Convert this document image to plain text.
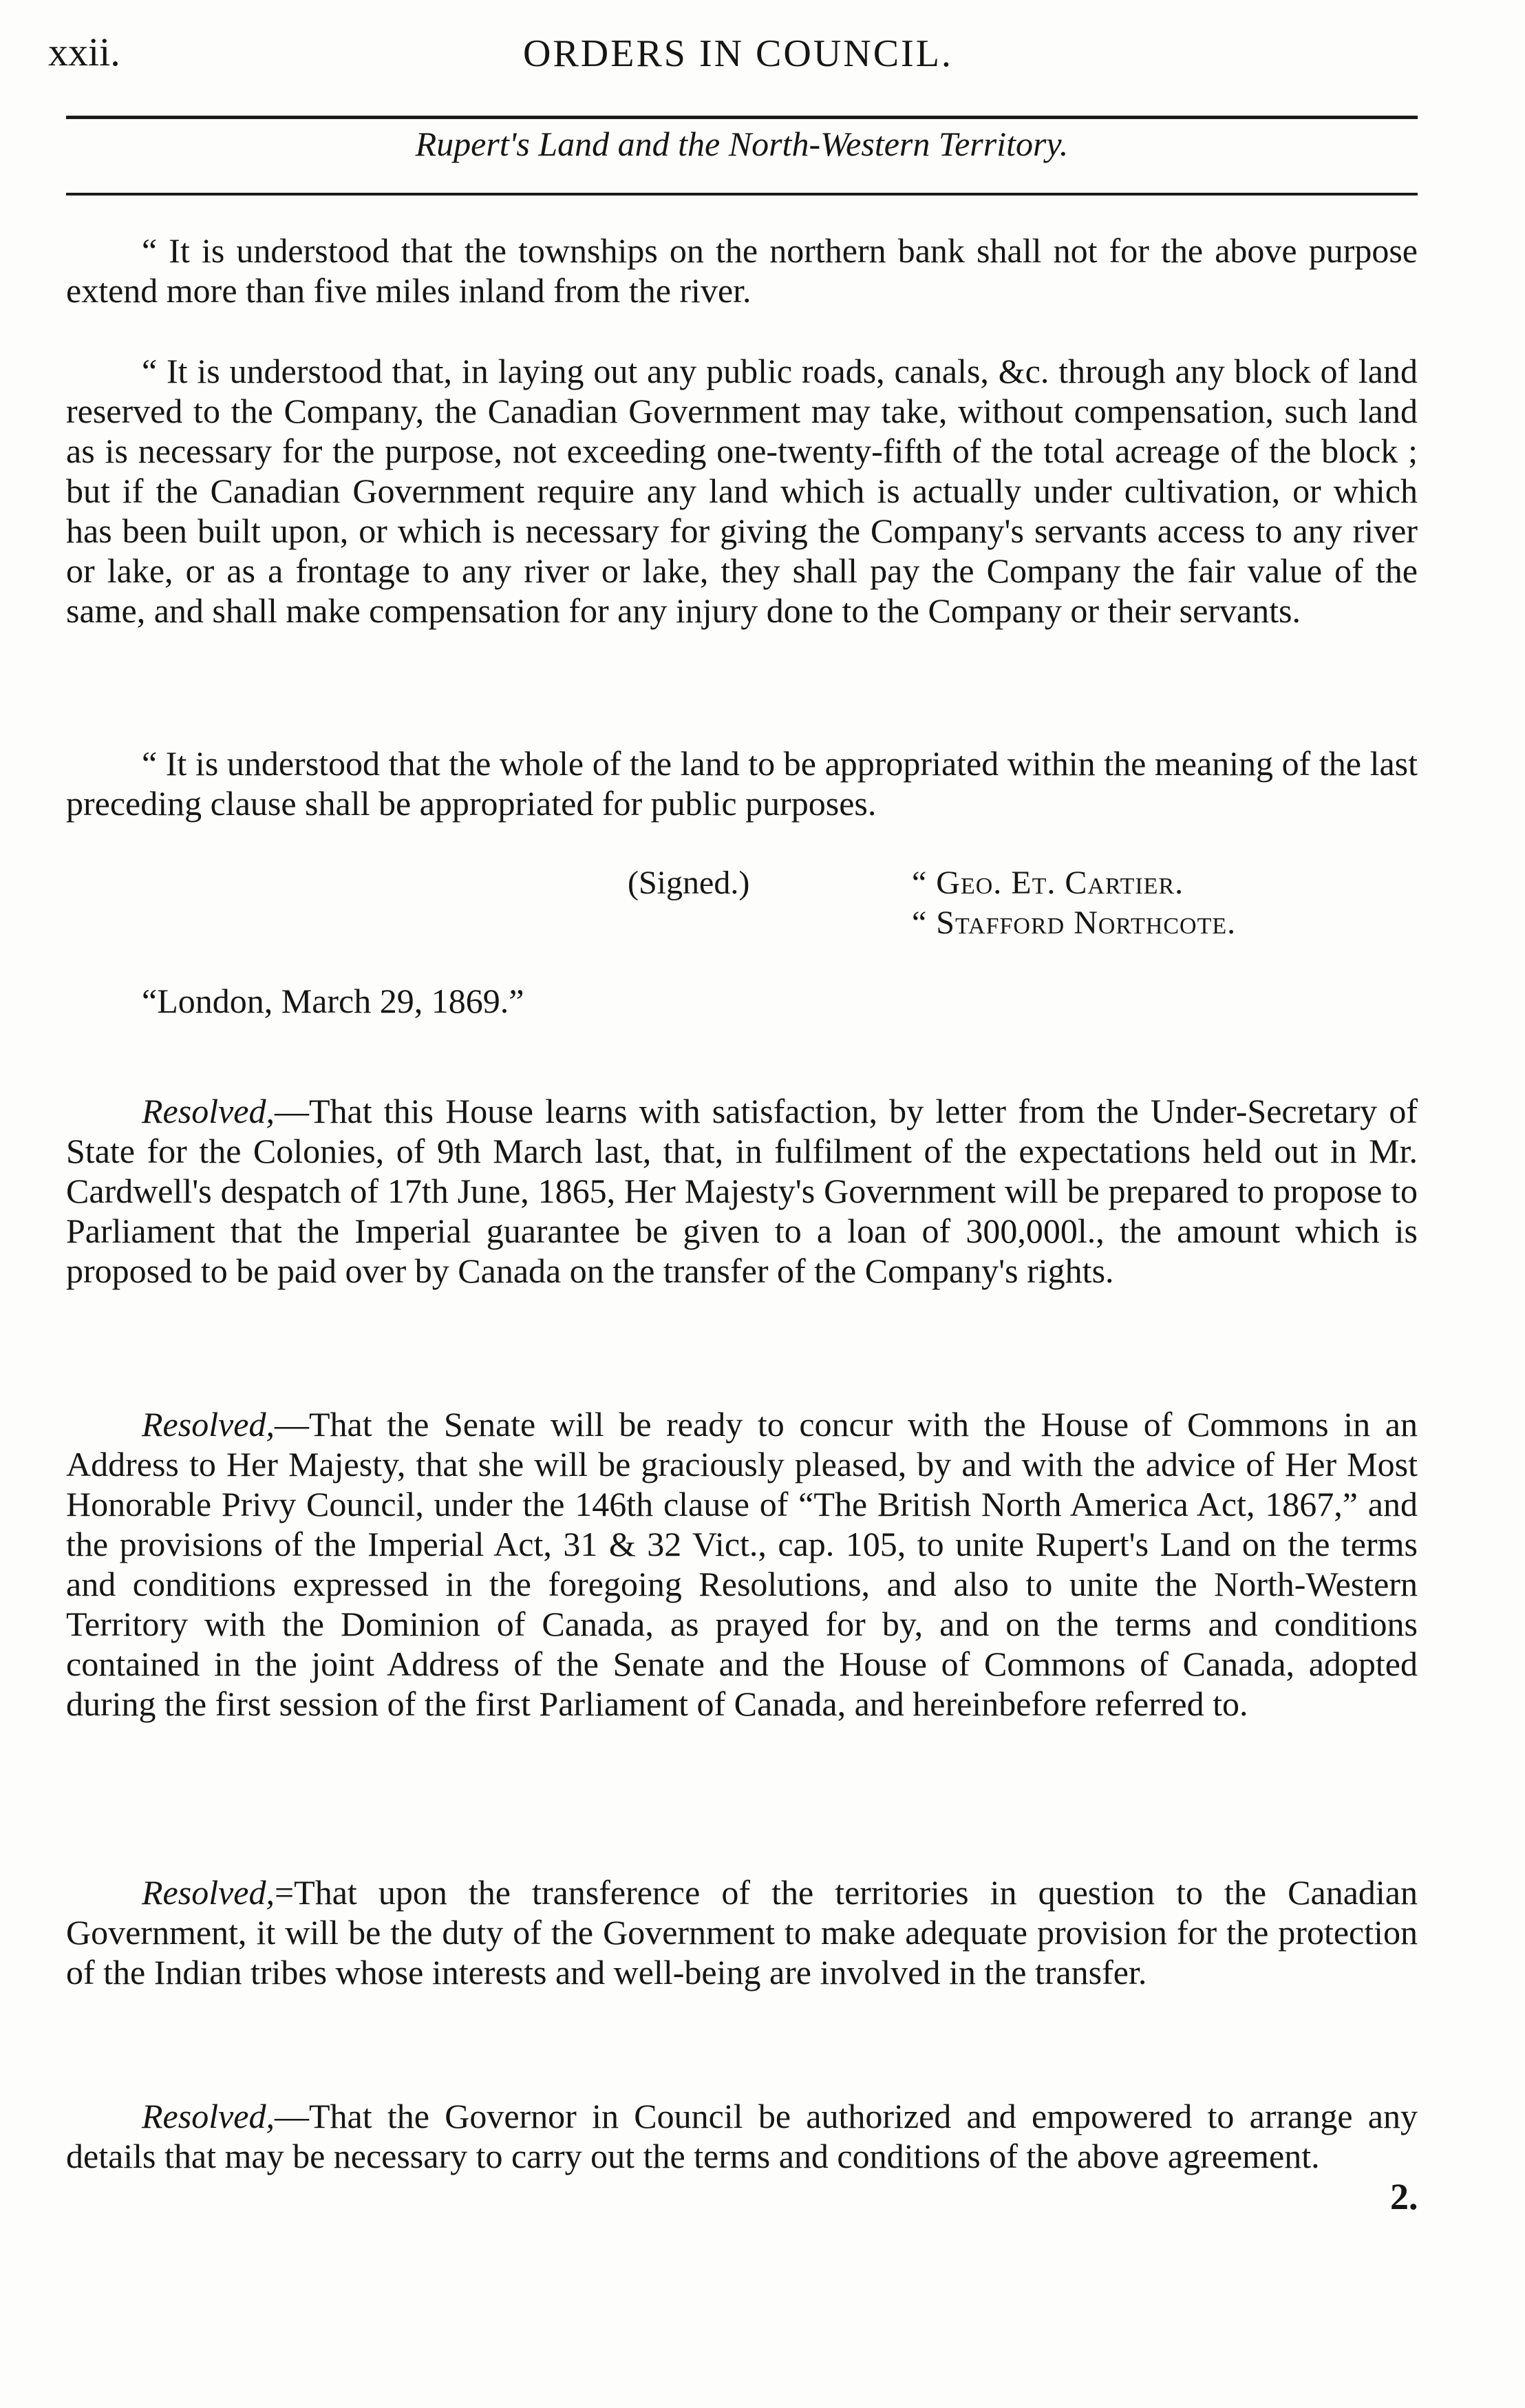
xxii.	ORDERS IN COUNCIL.
Rupert's Land and the North-Western Territory.

“ It is understood that the townships on the northern bank shall not for the above purpose extend more than five miles inland from the river.

“ It is understood that, in laying out any public roads, canals, &c. through any block of land reserved to the Company, the Canadian Government may take, without compensation, such land as is necessary for the purpose, not exceeding one-twenty-fifth of the total acreage of the block ; but if the Canadian Government require any land which is actually under cultivation, or which has been built upon, or which is necessary for giving the Company's servants access to any river or lake, or as a frontage to any river or lake, they shall pay the Company the fair value of the same, and shall make compensation for any injury done to the Company or their servants.

“ It is understood that the whole of the land to be appropriated within the meaning of the last preceding clause shall be appropriated for public purposes.

(Signed.)	“ Geo. Et. Cartier.
“ Stafford Northcote.
“London, March 29, 1869.”

Resolved,—That this House learns with satisfaction, by letter from the Under-Secretary of State for the Colonies, of 9th March last, that, in fulfilment of the expectations held out in Mr. Cardwell's despatch of 17th June, 1865, Her Majesty's Government will be prepared to propose to Parliament that the Imperial guarantee be given to a loan of 300,000l., the amount which is proposed to be paid over by Canada on the transfer of the Company's rights.

Resolved,—That the Senate will be ready to concur with the House of Commons in an Address to Her Majesty, that she will be graciously pleased, by and with the advice of Her Most Honorable Privy Council, under the 146th clause of “The British North America Act, 1867,” and the provisions of the Imperial Act, 31 & 32 Vict., cap. 105, to unite Rupert's Land on the terms and conditions expressed in the foregoing Resolutions, and also to unite the North-Western Territory with the Dominion of Canada, as prayed for by, and on the terms and conditions contained in the joint Address of the Senate and the House of Commons of Canada, adopted during the first session of the first Parliament of Canada, and hereinbefore referred to.

Resolved,=That upon the transference of the territories in question to the Canadian Government, it will be the duty of the Government to make adequate provision for the protection of the Indian tribes whose interests and well-being are involved in the transfer.

Resolved,—That the Governor in Council be authorized and empowered to arrange any details that may be necessary to carry out the terms and conditions of the above agreement.

2.
